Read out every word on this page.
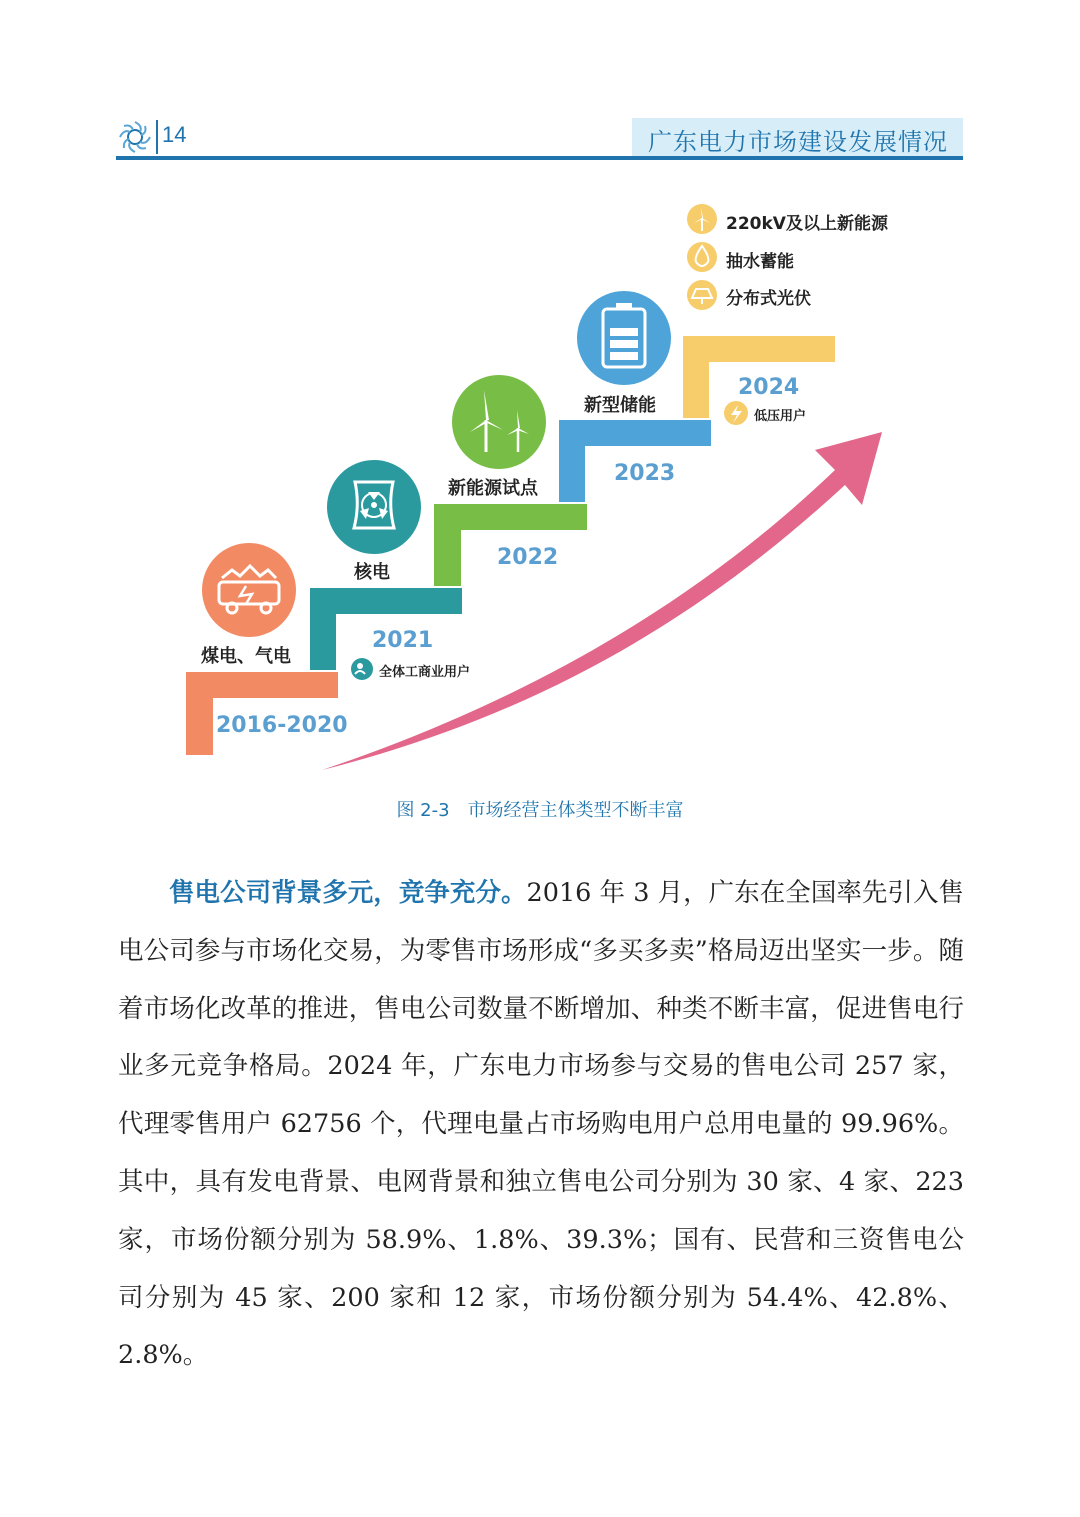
14	广东电力市场建设发展情况
煤电、气电
2016-2020
核电
2021
全体工商业用户
新能源试点
2022
新型储能
2023
2024
低压用户
220kV及以上新能源
抽水蓄能
分布式光伏
图 2-3　市场经营主体类型不断丰富
售电公司背景多元，竞争充分。2016 年 3 月，广东在全国率先引入售电公司参与市场化交易，为零售市场形成“多买多卖”格局迈出坚实一步。随着市场化改革的推进，售电公司数量不断增加、种类不断丰富，促进售电行业多元竞争格局。2024 年，广东电力市场参与交易的售电公司 257 家，代理零售用户 62756 个，代理电量占市场购电用户总用电量的 99.96%。其中，具有发电背景、电网背景和独立售电公司分别为 30 家、4 家、223 家，市场份额分别为 58.9%、1.8%、39.3%；国有、民营和三资售电公司分别为 45 家、200 家和 12 家，市场份额分别为 54.4%、42.8%、2.8%。
